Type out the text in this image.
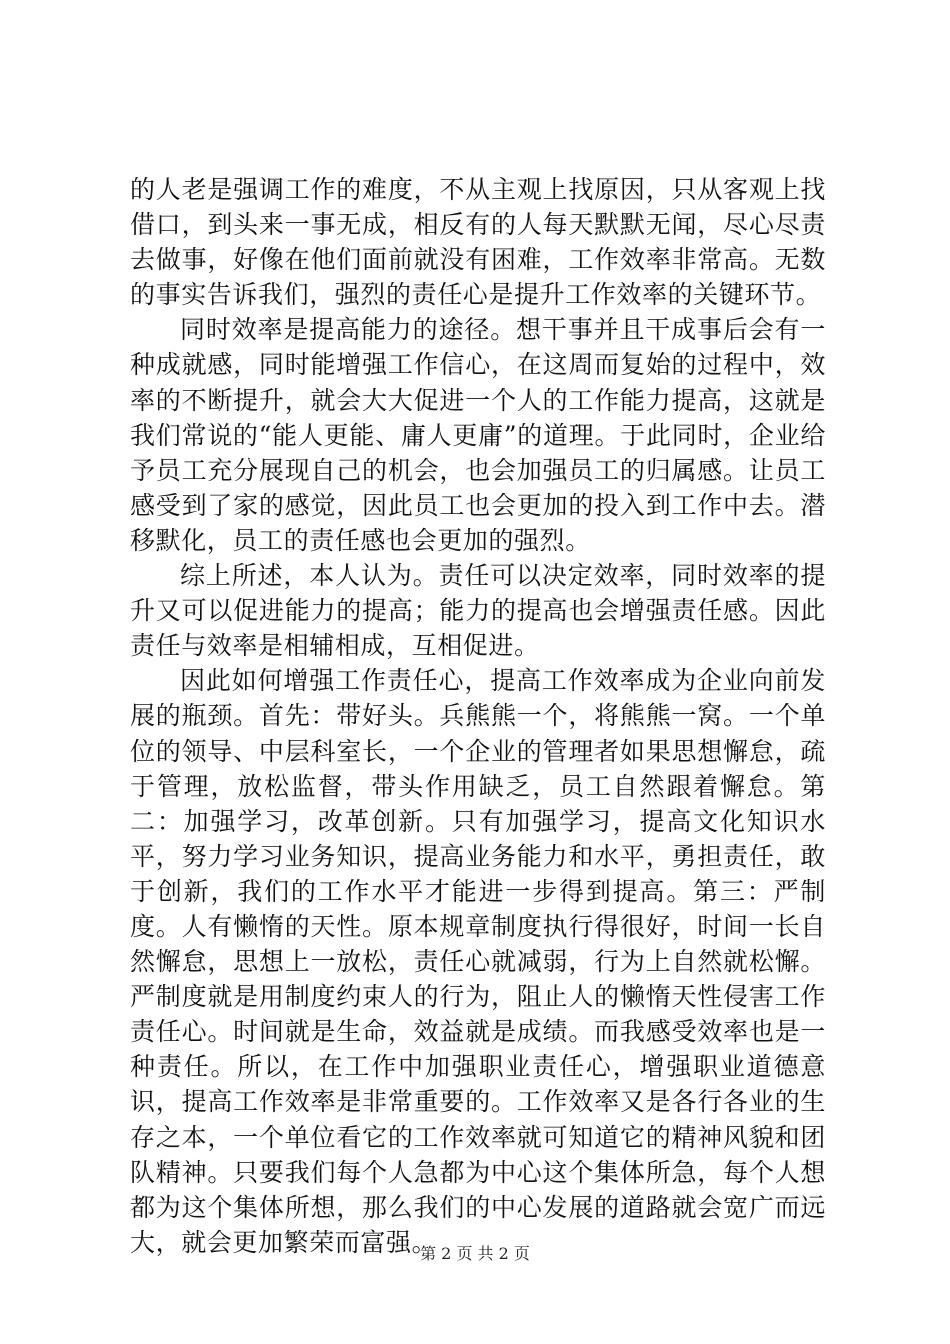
的人老是强调工作的难度，不从主观上找原因，只从客观上找借口，到头来一事无成，相反有的人每天默默无闻，尽心尽责去做事，好像在他们面前就没有困难，工作效率非常高。无数的事实告诉我们，强烈的责任心是提升工作效率的关键环节。

同时效率是提高能力的途径。想干事并且干成事后会有一种成就感，同时能增强工作信心，在这周而复始的过程中，效率的不断提升，就会大大促进一个人的工作能力提高，这就是我们常说的“能人更能、庸人更庸”的道理。于此同时，企业给予员工充分展现自己的机会，也会加强员工的归属感。让员工感受到了家的感觉，因此员工也会更加的投入到工作中去。潜移默化，员工的责任感也会更加的强烈。

综上所述，本人认为。责任可以决定效率，同时效率的提升又可以促进能力的提高；能力的提高也会增强责任感。因此责任与效率是相辅相成，互相促进。

因此如何增强工作责任心，提高工作效率成为企业向前发展的瓶颈。首先：带好头。兵熊熊一个，将熊熊一窝。一个单位的领导、中层科室长，一个企业的管理者如果思想懈怠，疏于管理，放松监督，带头作用缺乏，员工自然跟着懈怠。第二：加强学习，改革创新。只有加强学习，提高文化知识水平，努力学习业务知识，提高业务能力和水平，勇担责任，敢于创新，我们的工作水平才能进一步得到提高。第三：严制度。人有懒惰的天性。原本规章制度执行得很好，时间一长自然懈怠，思想上一放松，责任心就减弱，行为上自然就松懈。严制度就是用制度约束人的行为，阻止人的懒惰天性侵害工作责任心。时间就是生命，效益就是成绩。而我感受效率也是一种责任。所以，在工作中加强职业责任心，增强职业道德意识，提高工作效率是非常重要的。工作效率又是各行各业的生存之本，一个单位看它的工作效率就可知道它的精神风貌和团队精神。只要我们每个人急都为中心这个集体所急，每个人想都为这个集体所想，那么我们的中心发展的道路就会宽广而远大，就会更加繁荣而富强。

第 2 页 共 2 页
